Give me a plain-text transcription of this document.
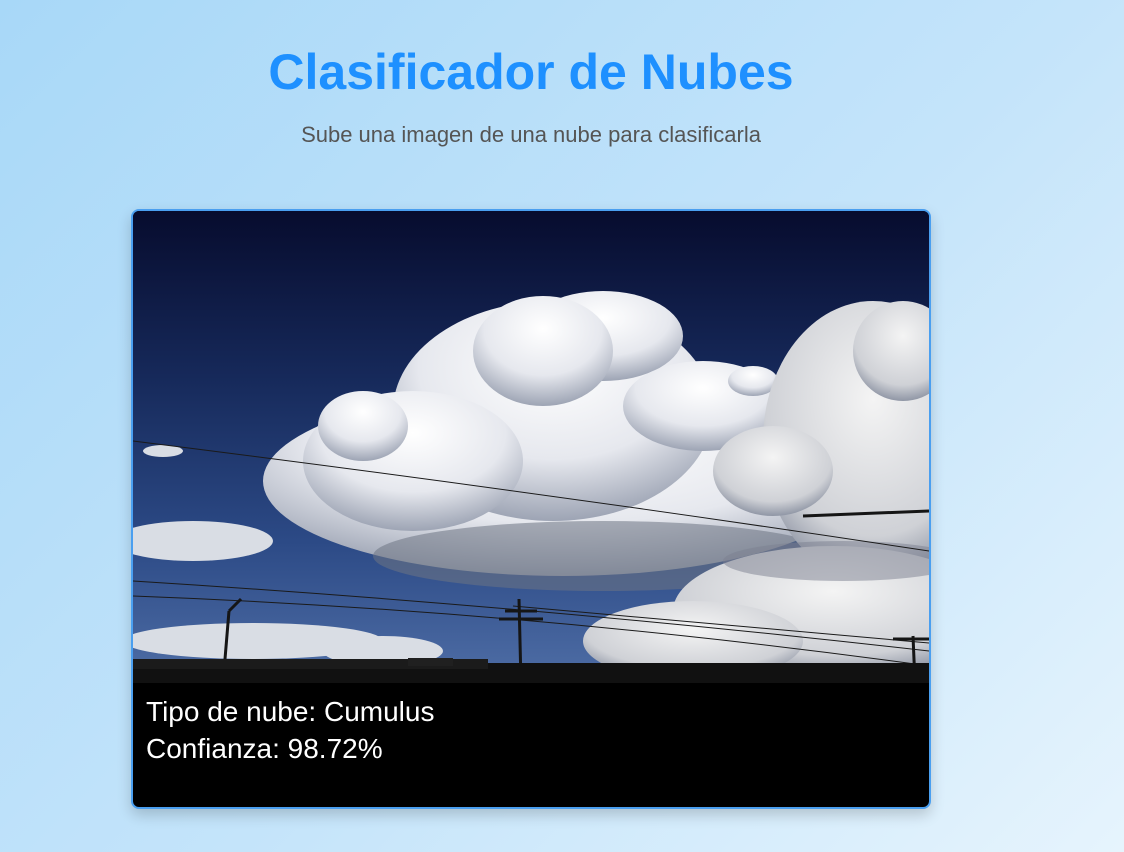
Clasificador de Nubes

Sube una imagen de una nube para clasificarla

Tipo de nube: Cumulus
Confianza: 98.72%
